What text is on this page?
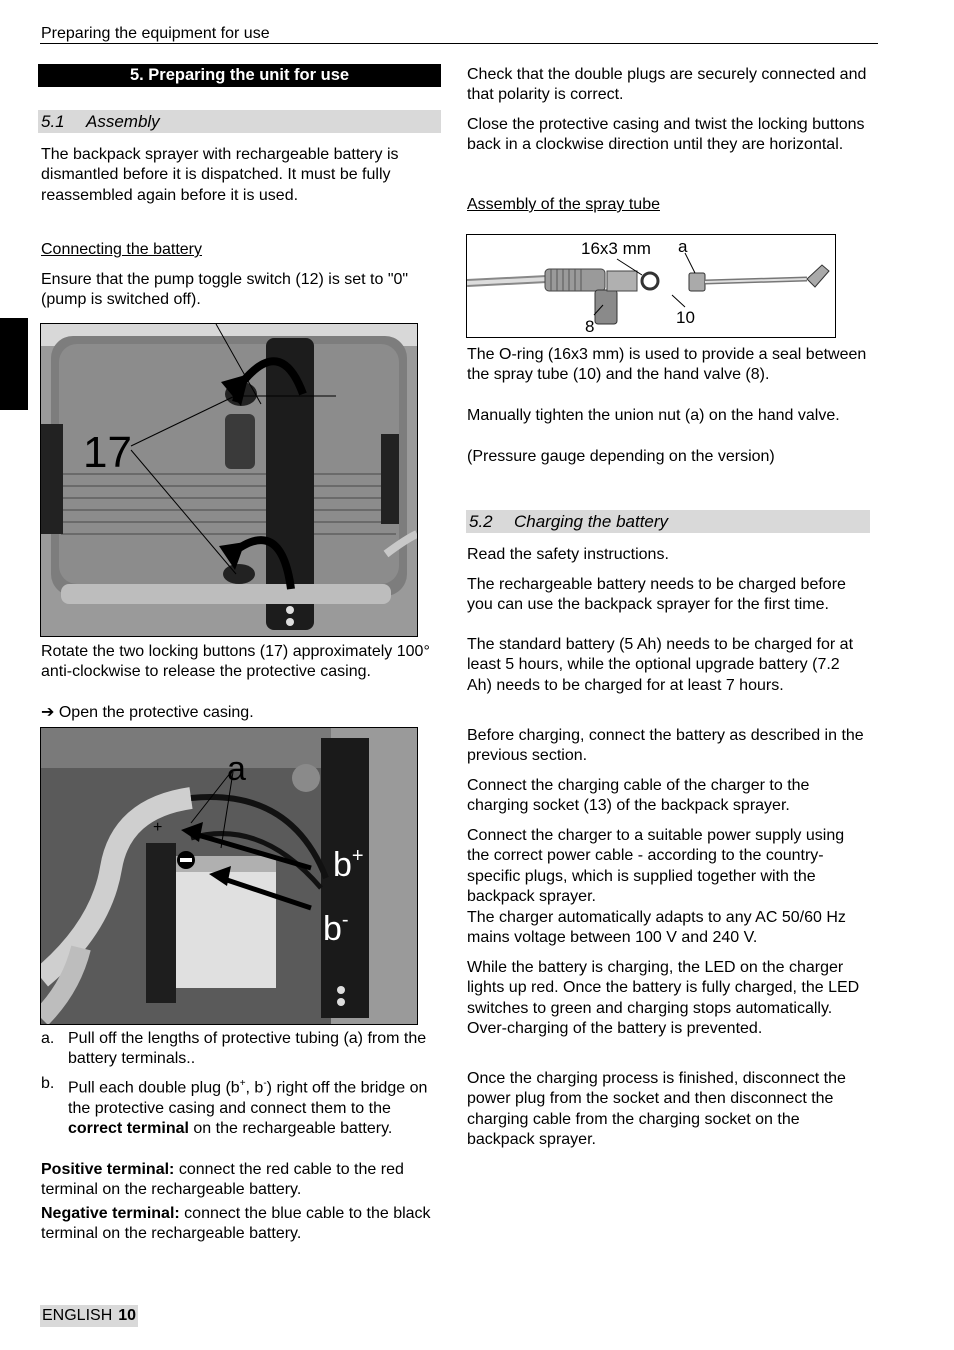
Preparing the equipment for use
5. Preparing the unit for use
5.1 Assembly

The backpack sprayer with rechargeable battery is dismantled before it is dispatched. It must be fully reassembled again before it is used.

Connecting the battery

Ensure that the pump toggle switch (12) is set to "0" (pump is switched off).

17

Rotate the two locking buttons (17) approximately 100° anti-clockwise to release the protective casing.

➔ Open the protective casing.

+
a
b+
b-
a. Pull off the lengths of protective tubing (a) from the battery terminals..
b. Pull each double plug (b+, b-) right off the bridge on the protective casing and connect them to the correct terminal on the rechargeable battery.

Positive terminal: connect the red cable to the red terminal on the rechargeable battery.

Negative terminal: connect the blue cable to the black terminal on the rechargeable battery.

Check that the double plugs are securely connected and that polarity is correct.

Close the protective casing and twist the locking buttons back in a clockwise direction until they are horizontal.

Assembly of the spray tube

16x3 mm a
8	10

The O-ring (16x3 mm) is used to provide a seal between the spray tube (10) and the hand valve (8).

Manually tighten the union nut (a) on the hand valve.

(Pressure gauge depending on the version)

5.2 Charging the battery

Read the safety instructions.

The rechargeable battery needs to be charged before you can use the backpack sprayer for the first time.

The standard battery (5 Ah) needs to be charged for at least 5 hours, while the optional upgrade battery (7.2 Ah) needs to be charged for at least 7 hours.

Before charging, connect the battery as described in the previous section.

Connect the charging cable of the charger to the charging socket (13) of the backpack sprayer.

Connect the charger to a suitable power supply using the correct power cable - according to the country-specific plugs, which is supplied together with the backpack sprayer.

The charger automatically adapts to any AC 50/60 Hz mains voltage between 100 V and 240 V.

While the battery is charging, the LED on the charger lights up red. Once the battery is fully charged, the LED switches to green and charging stops automatically. Over-charging of the battery is prevented.

Once the charging process is finished, disconnect the power plug from the socket and then disconnect the charging cable from the charging socket on the backpack sprayer.

ENGLISH 10
